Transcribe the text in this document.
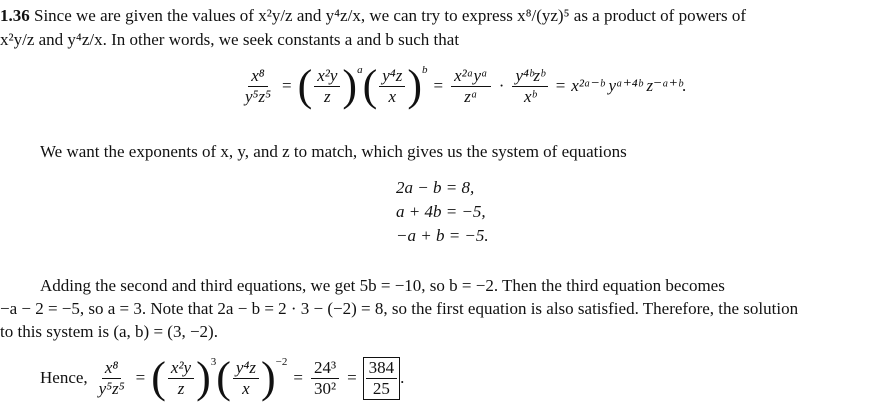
1.36 Since we are given the values of x²y/z and y⁴z/x, we can try to express x⁸/(yz)⁵ as a product of powers of
x²y/z and y⁴z/x. In other words, we seek constants a and b such that
$\frac{\text{x⁸}}{\text{y⁵z⁵}}$ = ( $\frac{\text{x²y}}{z} )^a$ ( $\frac{\text{y⁴z}}{x} )^b$
= $\frac{\text{x²ᵃyᵃ}}{\text{zᵃ}} \cdot \frac{\text{y⁴ᵇzᵇ}}{\text{xᵇ}}$ = x²ᵃ⁻ᵇ yᵃ⁺⁴ᵇ z⁻ᵃ⁺ᵇ.
We want the exponents of x, y, and z to match, which gives us the system of equations
2a − b = 8,
a + 4b = −5,
−a + b = −5.
Adding the second and third equations, we get 5b = −10, so b = −2. Then the third equation becomes
−a − 2 = −5, so a = 3. Note that 2a − b = 2 · 3 − (−2) = 8, so the first equation is also satisfied. Therefore, the solution
to this system is (a, b) = (3, −2).
Hence, $\frac{\text{x⁸}}{\text{y⁵z⁵}}$ = ( $\frac{\text{x²y}}{z} )^3$ ( $\frac{\text{y⁴z}}{x} )^{-2}$
= $\frac{\text{24³}}{\text{30²}} = \frac{384}{25}$ .
